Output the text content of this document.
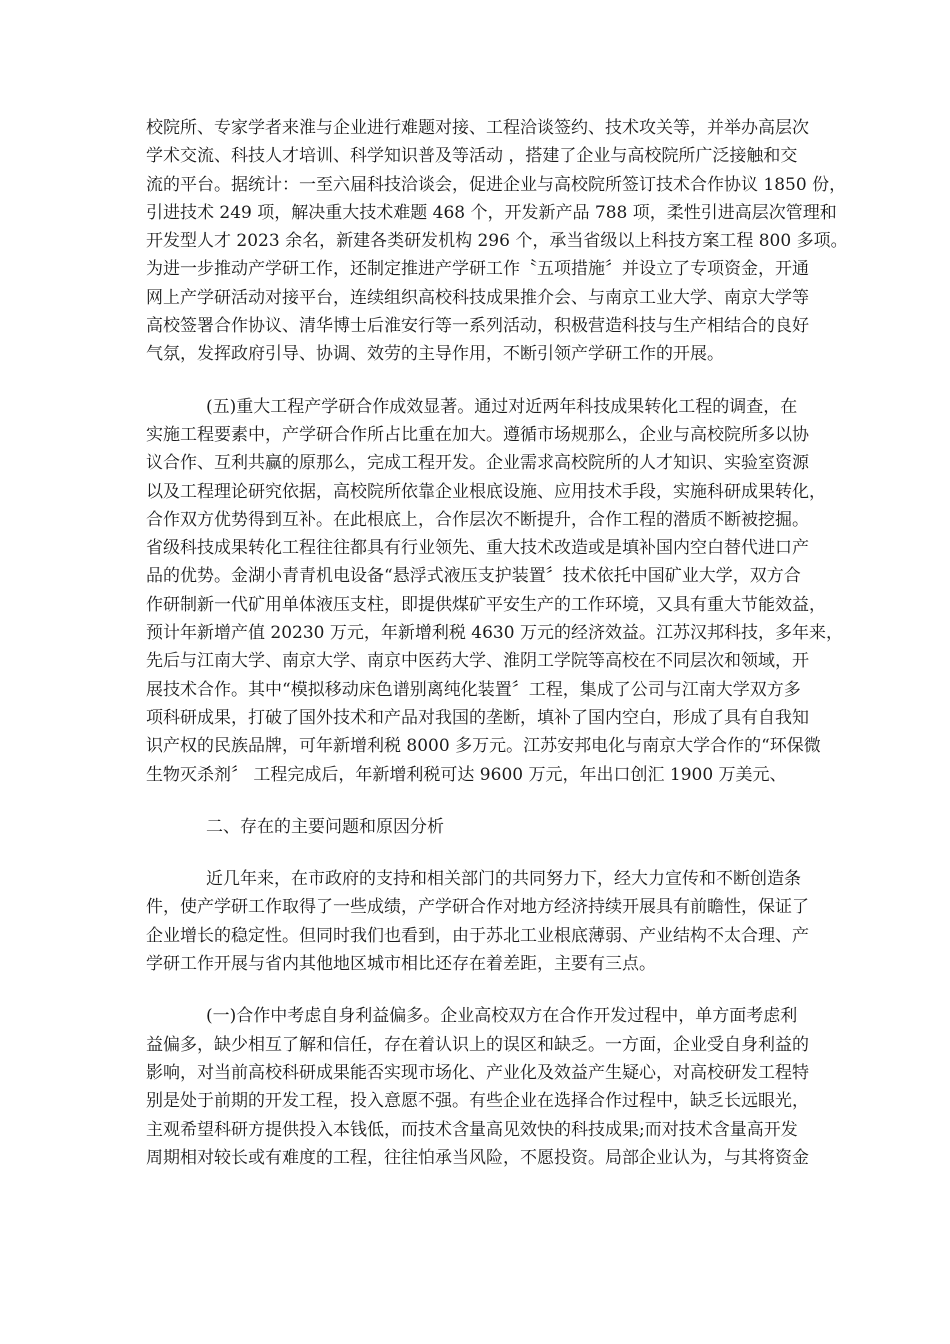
校院所、专家学者来淮与企业进行难题对接、工程洽谈签约、技术攻关等，并举办高层次
学术交流、科技人才培训、科学知识普及等活动 ，搭建了企业与高校院所广泛接触和交
流的平台。据统计：一至六届科技洽谈会，促进企业与高校院所签订技术合作协议 1850 份，
引进技术 249 项，解决重大技术难题 468 个，开发新产品 788 项，柔性引进高层次管理和
开发型人才 2023 余名，新建各类研发机构 296 个，承当省级以上科技方案工程 800 多项。
为进一步推动产学研工作，还制定推进产学研工作〝五项措施〞并设立了专项资金，开通
网上产学研活动对接平台，连续组织高校科技成果推介会、与南京工业大学、南京大学等
高校签署合作协议、清华博士后淮安行等一系列活动，积极营造科技与生产相结合的良好
气氛，发挥政府引导、协调、效劳的主导作用，不断引领产学研工作的开展。
(五)重大工程产学研合作成效显著。通过对近两年科技成果转化工程的调查，在
实施工程要素中，产学研合作所占比重在加大。遵循市场规那么，企业与高校院所多以协
议合作、互利共赢的原那么，完成工程开发。企业需求高校院所的人才知识、实验室资源
以及工程理论研究依据，高校院所依靠企业根底设施、应用技术手段，实施科研成果转化，
合作双方优势得到互补。在此根底上，合作层次不断提升，合作工程的潜质不断被挖掘。
省级科技成果转化工程往往都具有行业领先、重大技术改造或是填补国内空白替代进口产
品的优势。金湖小青青机电设备“悬浮式液压支护装置〞技术依托中国矿业大学，双方合
作研制新一代矿用单体液压支柱，即提供煤矿平安生产的工作环境，又具有重大节能效益，
预计年新增产值 20230 万元，年新增利税 4630 万元的经济效益。江苏汉邦科技，多年来，
先后与江南大学、南京大学、南京中医药大学、淮阴工学院等高校在不同层次和领域，开
展技术合作。其中“模拟移动床色谱别离纯化装置〞工程，集成了公司与江南大学双方多
项科研成果，打破了国外技术和产品对我国的垄断，填补了国内空白，形成了具有自我知
识产权的民族品牌，可年新增利税 8000 多万元。江苏安邦电化与南京大学合作的“环保微
生物灭杀剂〞 工程完成后，年新增利税可达 9600 万元，年出口创汇 1900 万美元、
二、存在的主要问题和原因分析
近几年来，在市政府的支持和相关部门的共同努力下，经大力宣传和不断创造条
件，使产学研工作取得了一些成绩，产学研合作对地方经济持续开展具有前瞻性，保证了
企业增长的稳定性。但同时我们也看到，由于苏北工业根底薄弱、产业结构不太合理、产
学研工作开展与省内其他地区城市相比还存在着差距，主要有三点。
(一)合作中考虑自身利益偏多。企业高校双方在合作开发过程中，单方面考虑利
益偏多，缺少相互了解和信任，存在着认识上的误区和缺乏。一方面，企业受自身利益的
影响，对当前高校科研成果能否实现市场化、产业化及效益产生疑心，对高校研发工程特
别是处于前期的开发工程，投入意愿不强。有些企业在选择合作过程中，缺乏长远眼光，
主观希望科研方提供投入本钱低，而技术含量高见效快的科技成果;而对技术含量高开发
周期相对较长或有难度的工程，往往怕承当风险，不愿投资。局部企业认为，与其将资金
